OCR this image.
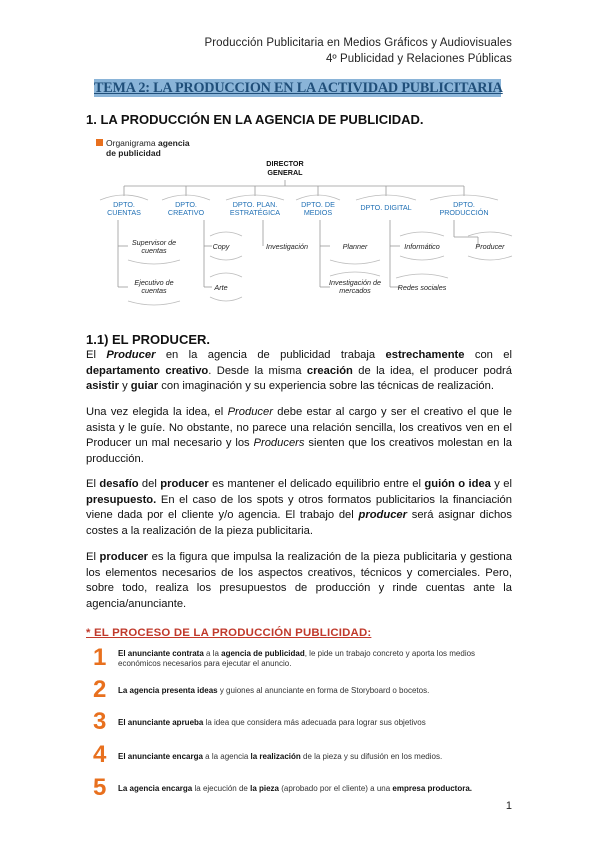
Producción Publicitaria en Medios Gráficos y Audiovisuales
4º Publicidad y Relaciones Públicas
TEMA 2: LA PRODUCCION EN LA ACTIVIDAD PUBLICITARIA
1. LA PRODUCCIÓN EN LA AGENCIA DE PUBLICIDAD.
Organigrama agencia
de publicidad
DIRECTOR
GENERAL
DPTO.
CUENTAS
DPTO.
CREATIVO
DPTO. PLAN.
ESTRATÉGICA
DPTO. DE
MEDIOS
DPTO. DIGITAL	DPTO.
PRODUCCIÓN
Supervisor de
cuentas
Ejecutivo de
cuentas
Copy
Arte
Investigación	Planner
Investigación de
mercados
Informático
Redes sociales
Producer
1.1) EL PRODUCER.
El Producer en la agencia de publicidad trabaja estrechamente con el departamento creativo. Desde la misma creación de la idea, el producer podrá asistir y guiar con imaginación y su experiencia sobre las técnicas de realización.
Una vez elegida la idea, el Producer debe estar al cargo y ser el creativo el que le asista y le guíe. No obstante, no parece una relación sencilla, los creativos ven en el Producer un mal necesario y los Producers sienten que los creativos molestan en la producción.
El desafío del producer es mantener el delicado equilibrio entre el guión o idea y el presupuesto. En el caso de los spots y otros formatos publicitarios la financiación viene dada por el cliente y/o agencia. El trabajo del producer será asignar dichos costes a la realización de la pieza publicitaria.
El producer es la figura que impulsa la realización de la pieza publicitaria y gestiona los elementos necesarios de los aspectos creativos, técnicos y comerciales. Pero, sobre todo, realiza los presupuestos de producción y rinde cuentas ante la agencia/anunciante.
* EL PROCESO DE LA PRODUCCIÓN PUBLICIDAD:
1 El anunciante contrata a la agencia de publicidad, le pide un trabajo concreto y aporta los medios económicos necesarios para ejecutar el anuncio.
2 La agencia presenta ideas y guiones al anunciante en forma de Storyboard o bocetos.
3 El anunciante aprueba la idea que considera más adecuada para lograr sus objetivos
4 El anunciante encarga a la agencia la realización de la pieza y su difusión en los medios.
5 La agencia encarga la ejecución de la pieza (aprobado por el cliente) a una empresa productora.
1
